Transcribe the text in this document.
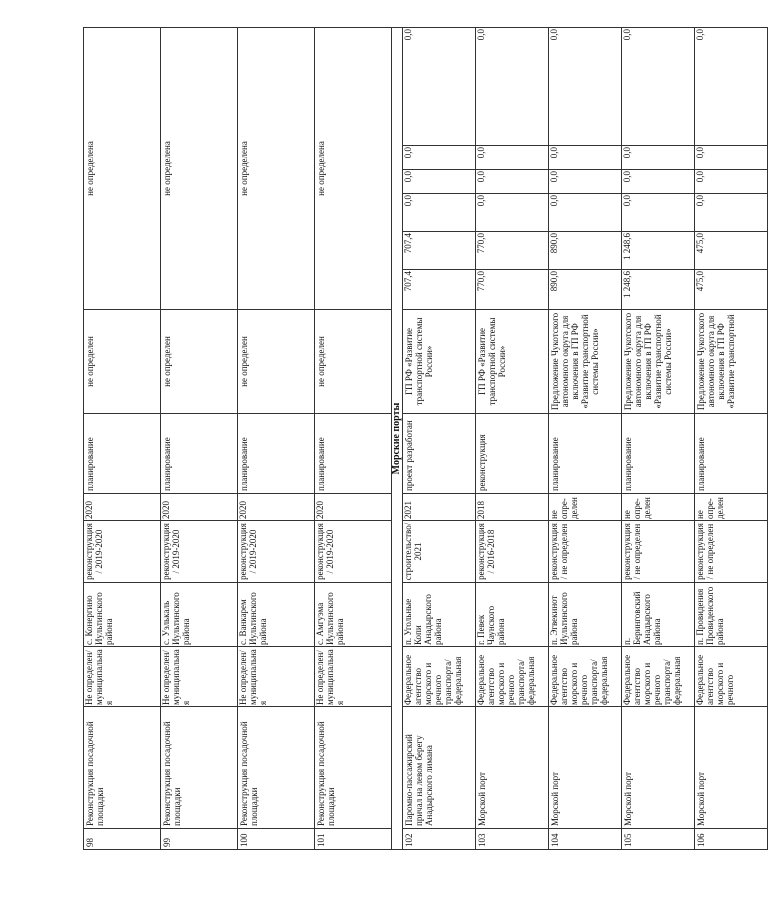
98	Реконструкция посадочной площадки	Не определен/ муниципальная	с. Конергино Иультинского района	реконструкция/ 2019-2020	2020	планирование	не определен	не определена					
99	Реконструкция посадочной площадки	Не определен/ муниципальная	с. Уэлькаль Иультинского района	реконструкция/ 2019-2020	2020	планирование	не определен	не определена					
100	Реконструкция посадочной площадки	Не определен/ муниципальная	с. Ванкарем Иультинского района	реконструкция/ 2019-2020	2020	планирование	не определен	не определена					
101	Реконструкция посадочной площадки	Не определен/ муниципальная	с. Амгуэма Иультинского района	реконструкция/ 2019-2020	2020	планирование	не определен	не определена					
Морские порты													
102	Паромно-пассажирский причал на левом берегу Анадырского лимана	Федеральное агентство морского и речного транспорта/федеральная	п. Угольные Копи Анадырского района	строительство/ 2021	2021	проект разработан	ГП РФ «Развитие транспортной системы России»	707,4	707,4	0,0	0,0	0,0	0,0
103	Морской порт	Федеральное агентство морского и речного транспорта/ федеральная	г. Певек Чаунского района	реконструкция/ 2016-2018	2018	реконструкция	ГП РФ «Развитие транспортной системы России»	770,0	770,0	0,0	0,0	0,0	0,0
104	Морской порт	Федеральное агентство морского и речного транспорта/ федеральная	п. Эгвекинот Иультинского района	реконструкция/ не определен	не опре-делен	планирование	Предложение Чукотского автономного округа для включения в ГП РФ «Развитие транспортной системы России»	890,0	890,0	0,0	0,0	0,0	0,0
105	Морской порт	Федеральное агентство морского и речного транспорта/ федеральная	п. Беринговский Анадырского района	реконструкция/ не определен	не опре-делен	планирование	Предложение Чукотского автономного округа для включения в ГП РФ «Развитие транспортной системы России»	1 248,6	1 248,6	0,0	0,0	0,0	0,0
106	Морской порт	Федеральное агентство морского и речного	п. Провидения Провиденского района	реконструкция/ не определен	не опре-делен	планирование	Предложение Чукотского автономного округа для включения в ГП РФ «Развитие транспортной	475,0	475,0	0,0	0,0	0,0	0,0
